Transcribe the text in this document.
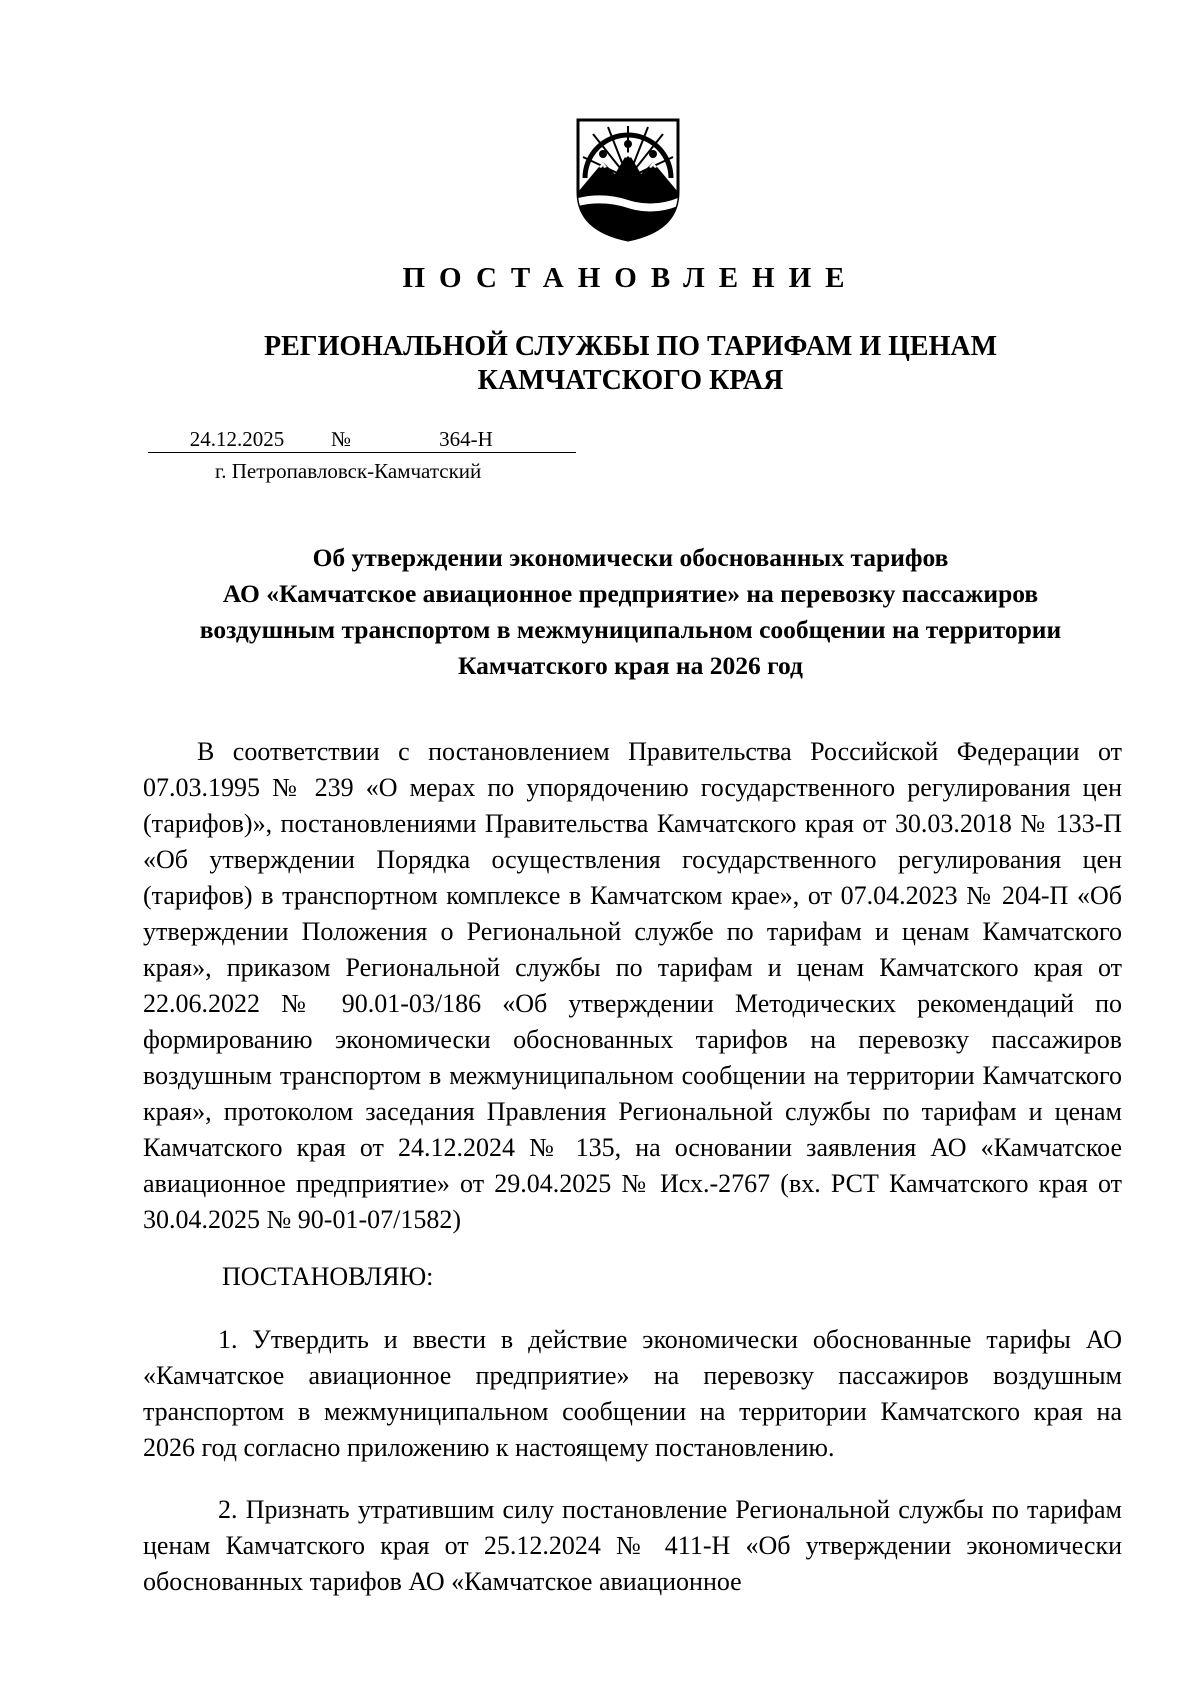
ПОСТАНОВЛЕНИЕ
РЕГИОНАЛЬНОЙ СЛУЖБЫ ПО ТАРИФАМ И ЦЕНАМ
КАМЧАТСКОГО КРАЯ
24.12.2025 №	364-Н
г. Петропавловск-Камчатский
Об утверждении экономически обоснованных тарифов
АО «Камчатское авиационное предприятие» на перевозку пассажиров
воздушным транспортом в межмуниципальном сообщении на территории
Камчатского края на 2026 год
В соответствии с постановлением Правительства Российской Федерации от 07.03.1995 № 239 «О мерах по упорядочению государственного регулирования цен (тарифов)», постановлениями Правительства Камчатского края от 30.03.2018 № 133-П «Об утверждении Порядка осуществления государственного регулирования цен (тарифов) в транспортном комплексе в Камчатском крае», от 07.04.2023 № 204-П «Об утверждении Положения о Региональной службе по тарифам и ценам Камчатского края», приказом Региональной службы по тарифам и ценам Камчатского края от 22.06.2022 № 90.01-03/186 «Об утверждении Методических рекомендаций по формированию экономически обоснованных тарифов на перевозку пассажиров воздушным транспортом в межмуниципальном сообщении на территории Камчатского края», протоколом заседания Правления Региональной службы по тарифам и ценам Камчатского края от 24.12.2024 № 135, на основании заявления АО «Камчатское авиационное предприятие» от 29.04.2025 № Исх.-2767 (вх. РСТ Камчатского края от 30.04.2025 № 90-01-07/1582)
ПОСТАНОВЛЯЮ:
1. Утвердить и ввести в действие экономически обоснованные тарифы АО «Камчатское авиационное предприятие» на перевозку пассажиров воздушным транспортом в межмуниципальном сообщении на территории Камчатского края на 2026 год согласно приложению к настоящему постановлению.
2. Признать утратившим силу постановление Региональной службы по тарифам ценам Камчатского края от 25.12.2024 № 411-Н «Об утверждении экономически обоснованных тарифов АО «Камчатское авиационное
